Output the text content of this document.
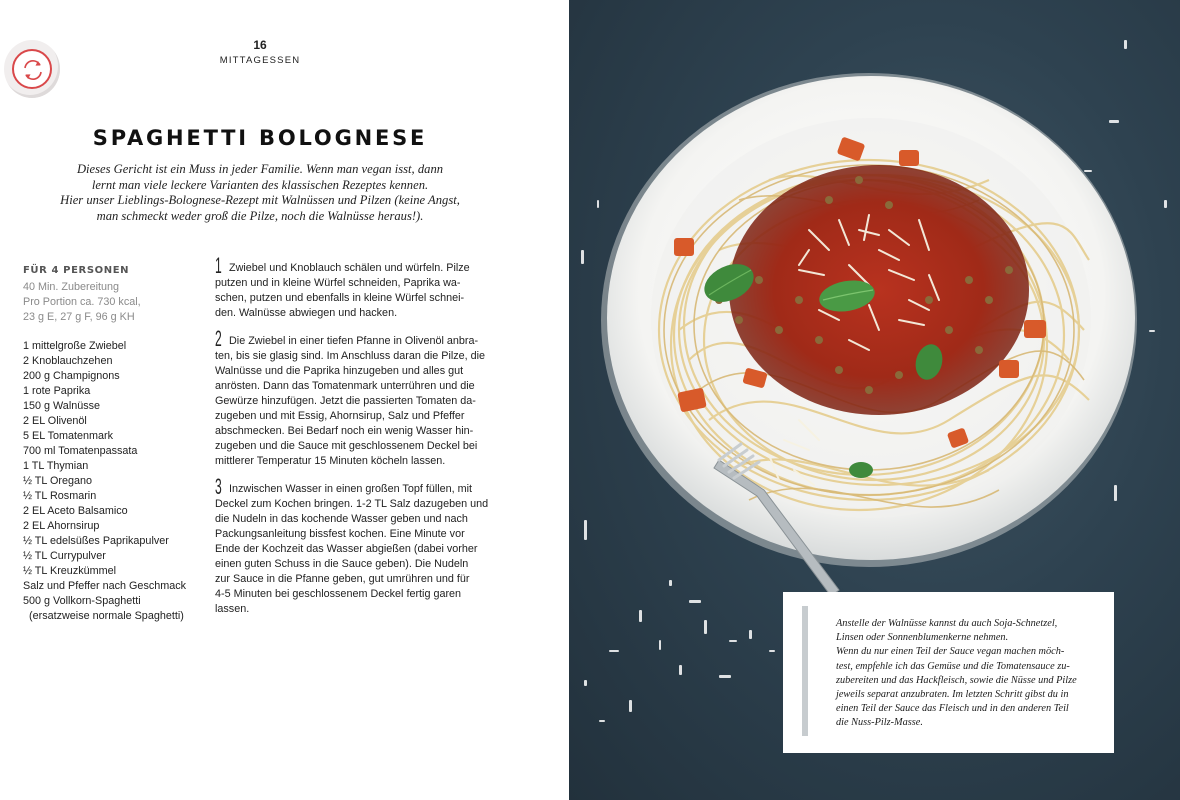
16
MITTAGESSEN
SPAGHETTI BOLOGNESE
Dieses Gericht ist ein Muss in jeder Familie. Wenn man vegan isst, dann
lernt man viele leckere Varianten des klassischen Rezeptes kennen.
Hier unser Lieblings-Bolognese-Rezept mit Walnüssen und Pilzen (keine Angst,
man schmeckt weder groß die Pilze, noch die Walnüsse heraus!).
FÜR 4 PERSONEN
40 Min. Zubereitung
Pro Portion ca. 730 kcal,
23 g E, 27 g F, 96 g KH
1 mittelgroße Zwiebel
2 Knoblauchzehen
200 g Champignons
1 rote Paprika
150 g Walnüsse
2 EL Olivenöl
5 EL Tomatenmark
700 ml Tomatenpassata
1 TL Thymian
½ TL Oregano
½ TL Rosmarin
2 EL Aceto Balsamico
2 EL Ahornsirup
½ TL edelsüßes Paprikapulver
½ TL Currypulver
½ TL Kreuzkümmel
Salz und Pfeffer nach Geschmack
500 g Vollkorn-Spaghetti (ersatzweise normale Spaghetti)
1 Zwiebel und Knoblauch schälen und würfeln. Pilze
putzen und in kleine Würfel schneiden, Paprika wa-
schen, putzen und ebenfalls in kleine Würfel schnei-
den. Walnüsse abwiegen und hacken.
2 Die Zwiebel in einer tiefen Pfanne in Olivenöl anbra-
ten, bis sie glasig sind. Im Anschluss daran die Pilze, die
Walnüsse und die Paprika hinzugeben und alles gut
anrösten. Dann das Tomatenmark unterrühren und die
Gewürze hinzufügen. Jetzt die passierten Tomaten da-
zugeben und mit Essig, Ahornsirup, Salz und Pfeffer
abschmecken. Bei Bedarf noch ein wenig Wasser hin-
zugeben und die Sauce mit geschlossenem Deckel bei
mittlerer Temperatur 15 Minuten köcheln lassen.
3 Inzwischen Wasser in einen großen Topf füllen, mit
Deckel zum Kochen bringen. 1-2 TL Salz dazugeben und
die Nudeln in das kochende Wasser geben und nach
Packungsanleitung bissfest kochen. Eine Minute vor
Ende der Kochzeit das Wasser abgießen (dabei vorher
einen guten Schuss in die Sauce geben). Die Nudeln
zur Sauce in die Pfanne geben, gut umrühren und für
4-5 Minuten bei geschlossenem Deckel fertig garen
lassen.
Anstelle der Walnüsse kannst du auch Soja-Schnetzel,
Linsen oder Sonnenblumenkerne nehmen.
Wenn du nur einen Teil der Sauce vegan machen möch-
test, empfehle ich das Gemüse und die Tomatensauce zu-
zubereiten und das Hackfleisch, sowie die Nüsse und Pilze
jeweils separat anzubraten. Im letzten Schritt gibst du in
einen Teil der Sauce das Fleisch und in den anderen Teil
die Nuss-Pilz-Masse.
